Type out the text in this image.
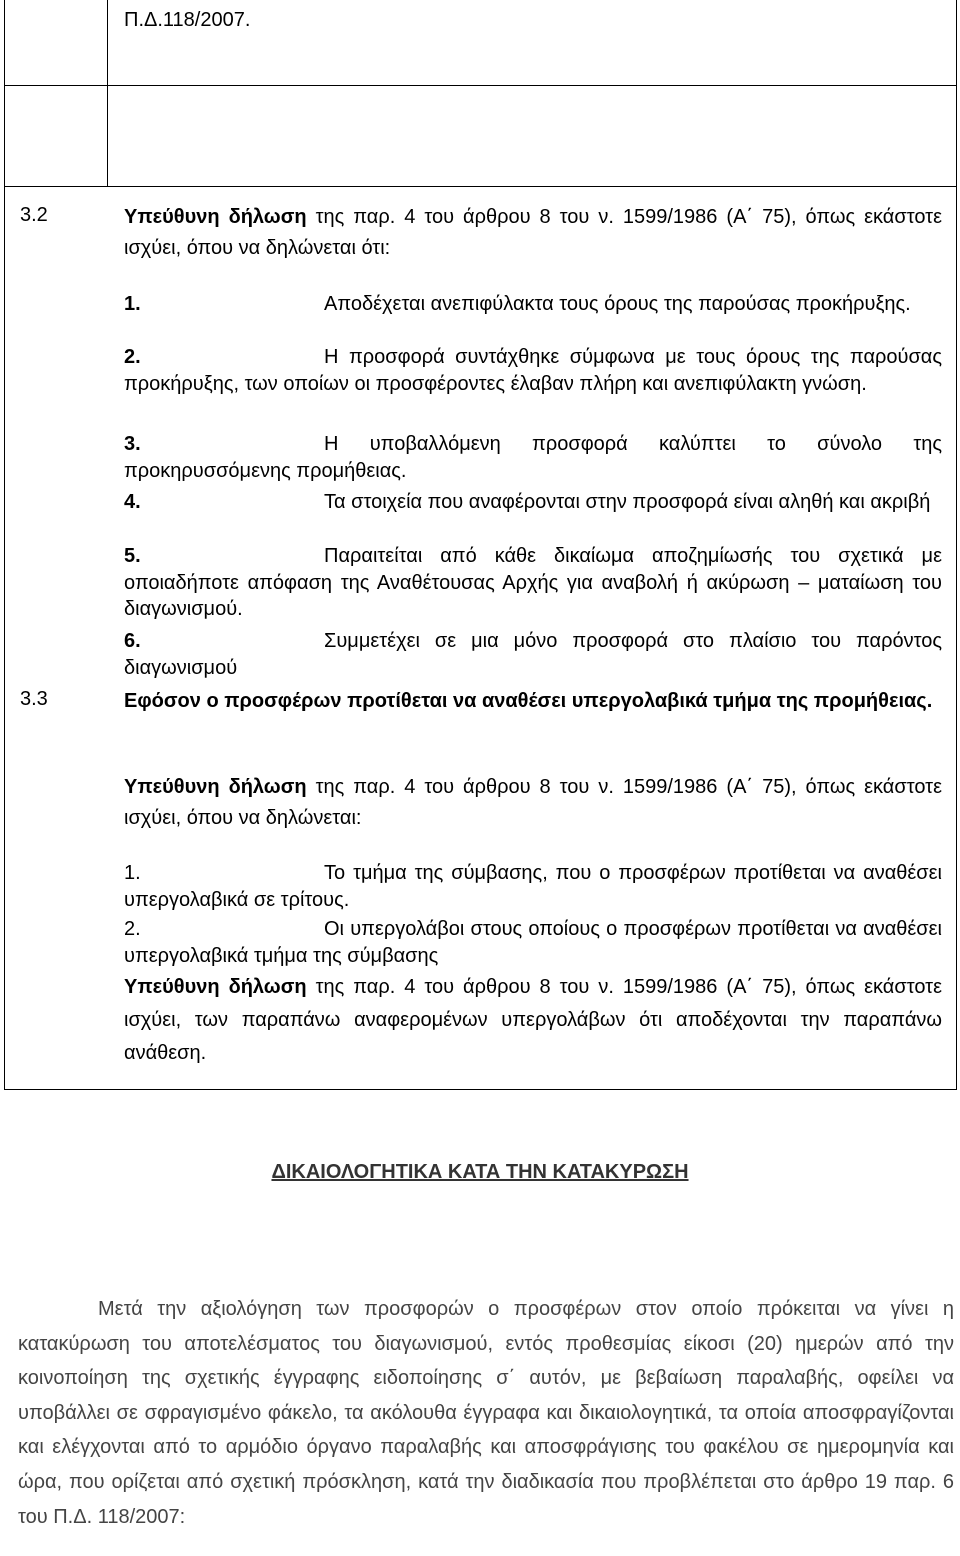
Π.Δ.118/2007.
3.2	Υπεύθυνη δήλωση της παρ. 4 του άρθρου 8 του ν. 1599/1986 (Α΄ 75), όπως εκάστοτε ισχύει, όπου να δηλώνεται ότι:
1.	Αποδέχεται ανεπιφύλακτα τους όρους της παρούσας προκήρυξης.
2.	Η προσφορά συντάχθηκε σύμφωνα με τους όρους της παρούσας προκήρυξης, των οποίων οι προσφέροντες έλαβαν πλήρη και ανεπιφύλακτη γνώση.
3.	Η υποβαλλόμενη προσφορά καλύπτει το σύνολο της προκηρυσσόμενης προμήθειας.
4.	Τα στοιχεία που αναφέρονται στην προσφορά είναι αληθή και ακριβή
5.	Παραιτείται από κάθε δικαίωμα αποζημίωσής του σχετικά με οποιαδήποτε απόφαση της Αναθέτουσας Αρχής για αναβολή ή ακύρωση – ματαίωση του διαγωνισμού.
6.	Συμμετέχει σε μια μόνο προσφορά στο πλαίσιο του παρόντος διαγωνισμού
3.3	Εφόσον ο προσφέρων προτίθεται να αναθέσει υπεργολαβικά τμήμα της προμήθειας.
Υπεύθυνη δήλωση της παρ. 4 του άρθρου 8 του ν. 1599/1986 (Α΄ 75), όπως εκάστοτε ισχύει, όπου να δηλώνεται:
1.	Το τμήμα της σύμβασης, που ο προσφέρων προτίθεται να αναθέσει υπεργολαβικά σε τρίτους.
2.	Οι υπεργολάβοι στους οποίους ο προσφέρων προτίθεται να αναθέσει υπεργολαβικά τμήμα της σύμβασης
Υπεύθυνη δήλωση της παρ. 4 του άρθρου 8 του ν. 1599/1986 (Α΄ 75), όπως εκάστοτε ισχύει, των παραπάνω αναφερομένων υπεργολάβων ότι αποδέχονται την παραπάνω ανάθεση.
ΔΙΚΑΙΟΛΟΓΗΤΙΚΑ ΚΑΤΑ ΤΗΝ ΚΑΤΑΚΥΡΩΣΗ
Μετά την αξιολόγηση των προσφορών ο προσφέρων στον οποίο πρόκειται να γίνει η κατακύρωση του αποτελέσματος του διαγωνισμού, εντός προθεσμίας είκοσι (20) ημερών από την κοινοποίηση της σχετικής έγγραφης ειδοποίησης σ΄ αυτόν, με βεβαίωση παραλαβής, οφείλει να υποβάλλει σε σφραγισμένο φάκελο, τα ακόλουθα έγγραφα και δικαιολογητικά, τα οποία αποσφραγίζονται και ελέγχονται από το αρμόδιο όργανο παραλαβής και αποσφράγισης του φακέλου σε ημερομηνία και ώρα, που ορίζεται από σχετική πρόσκληση, κατά την διαδικασία που προβλέπεται στο άρθρο 19 παρ. 6 του Π.Δ. 118/2007:
